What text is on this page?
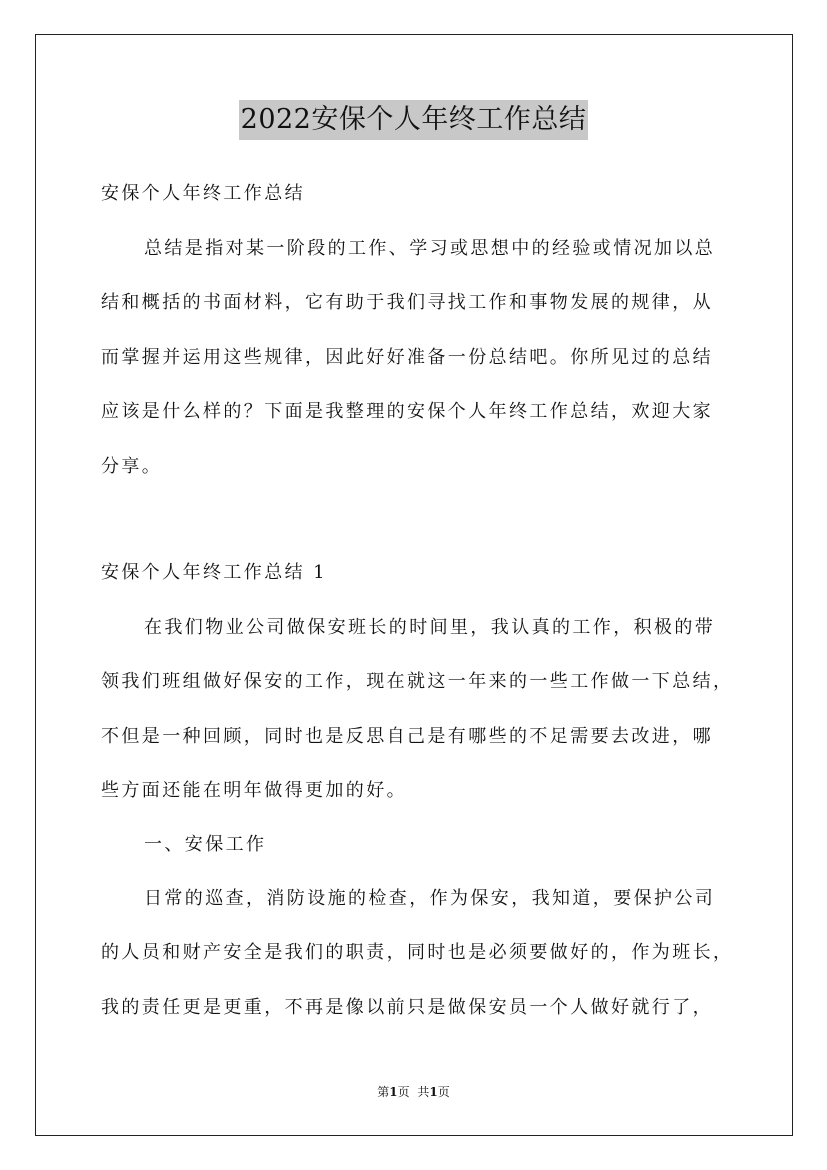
2022安保个人年终工作总结
安保个人年终工作总结
总结是指对某一阶段的工作、学习或思想中的经验或情况加以总
结和概括的书面材料，它有助于我们寻找工作和事物发展的规律，从
而掌握并运用这些规律，因此好好准备一份总结吧。你所见过的总结
应该是什么样的？下面是我整理的安保个人年终工作总结，欢迎大家
分享。
安保个人年终工作总结 1
在我们物业公司做保安班长的时间里，我认真的工作，积极的带
领我们班组做好保安的工作，现在就这一年来的一些工作做一下总结，
不但是一种回顾，同时也是反思自己是有哪些的不足需要去改进，哪
些方面还能在明年做得更加的好。
一、安保工作
日常的巡查，消防设施的检查，作为保安，我知道，要保护公司
的人员和财产安全是我们的职责，同时也是必须要做好的，作为班长，
我的责任更是更重，不再是像以前只是做保安员一个人做好就行了，
第1页 共1页
